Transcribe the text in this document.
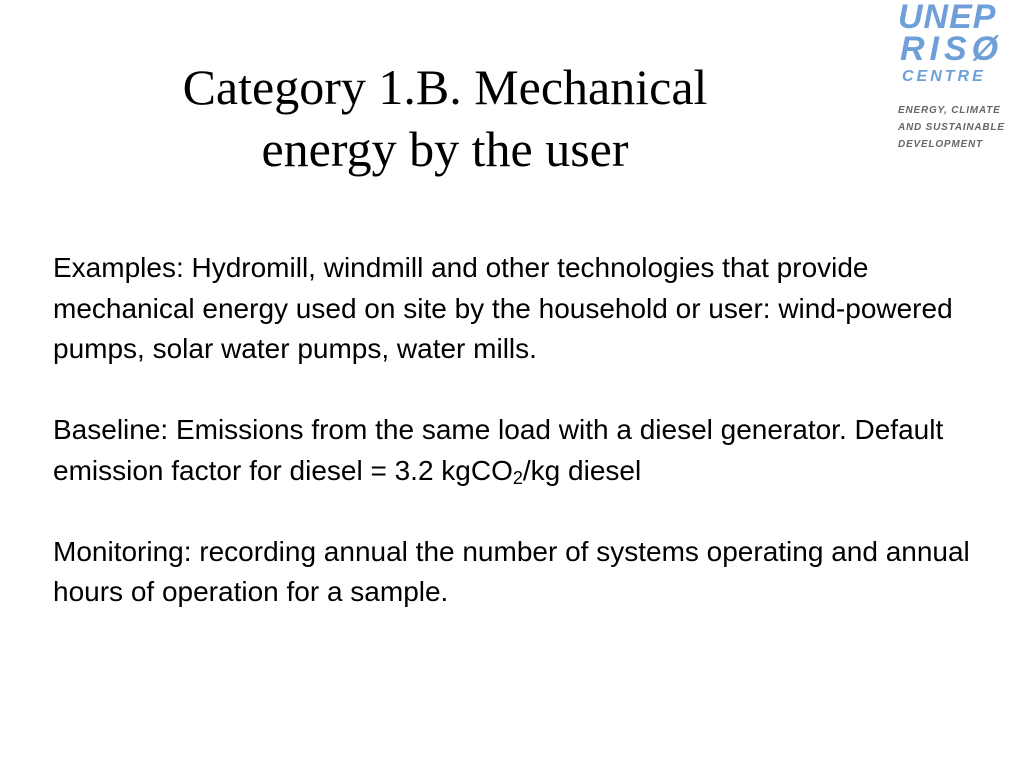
Category 1.B. Mechanical
energy by the user
UNEP
RISØ
CENTRE
ENERGY, CLIMATE
AND SUSTAINABLE
DEVELOPMENT

Examples: Hydromill, windmill and other technologies that provide mechanical energy used on site by the household or user: wind-powered pumps, solar water pumps, water mills.

Baseline: Emissions from the same load with a diesel generator. Default emission factor for diesel = 3.2 kgCO$_2$/kg diesel

Monitoring: recording annual the number of systems operating and annual hours of operation for a sample.
